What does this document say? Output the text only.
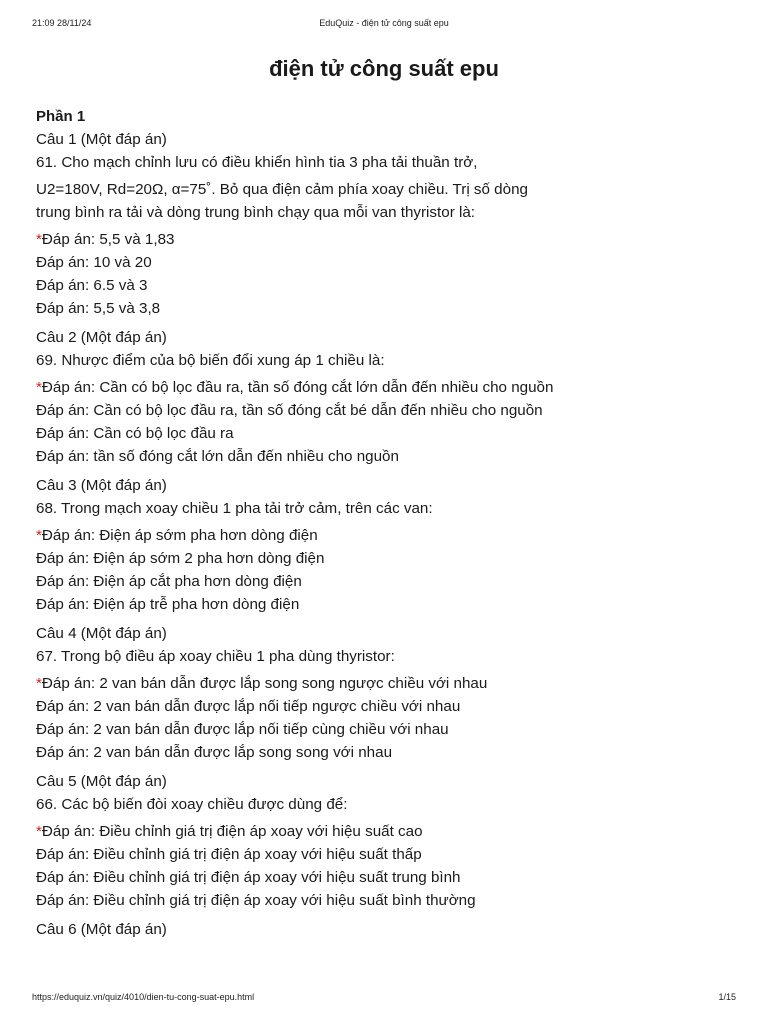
21:09 28/11/24	EduQuiz - điện tử công suất epu
điện tử công suất epu
Phần 1
Câu 1 (Một đáp án)

61. Cho mạch chỉnh lưu có điều khiển hình tia 3 pha tải thuần trở,

U2=180V, Rd=20Ω, α=75˚. Bỏ qua điện cảm phía xoay chiều. Trị số dòng

trung bình ra tải và dòng trung bình chạy qua mỗi van thyristor là:

*Đáp án: 5,5 và 1,83
Đáp án: 10 và 20
Đáp án: 6.5 và 3
Đáp án: 5,5 và 3,8
Câu 2 (Một đáp án)

69. Nhược điểm của bộ biến đổi xung áp 1 chiều là:

*Đáp án: Cần có bộ lọc đầu ra, tần số đóng cắt lớn dẫn đến nhiều cho nguồn
Đáp án: Cần có bộ lọc đầu ra, tần số đóng cắt bé dẫn đến nhiều cho nguồn
Đáp án: Cần có bộ lọc đầu ra
Đáp án: tần số đóng cắt lớn dẫn đến nhiều cho nguồn
Câu 3 (Một đáp án)

68. Trong mạch xoay chiều 1 pha tải trở cảm, trên các van:

*Đáp án: Điện áp sớm pha hơn dòng điện
Đáp án: Điện áp sớm 2 pha hơn dòng điện
Đáp án: Điện áp cắt pha hơn dòng điện
Đáp án: Điện áp trễ pha hơn dòng điện
Câu 4 (Một đáp án)

67. Trong bộ điều áp xoay chiều 1 pha dùng thyristor:

*Đáp án: 2 van bán dẫn được lắp song song ngược chiều với nhau
Đáp án: 2 van bán dẫn được lắp nối tiếp ngược chiều với nhau
Đáp án: 2 van bán dẫn được lắp nối tiếp cùng chiều với nhau
Đáp án: 2 van bán dẫn được lắp song song với nhau
Câu 5 (Một đáp án)

66. Các bộ biến đòi xoay chiều được dùng để:

*Đáp án: Điều chỉnh giá trị điện áp xoay với hiệu suất cao
Đáp án: Điều chỉnh giá trị điện áp xoay với hiệu suất thấp
Đáp án: Điều chỉnh giá trị điện áp xoay với hiệu suất trung bình
Đáp án: Điều chỉnh giá trị điện áp xoay với hiệu suất bình thường
Câu 6 (Một đáp án)
https://eduquiz.vn/quiz/4010/dien-tu-cong-suat-epu.html	1/15
